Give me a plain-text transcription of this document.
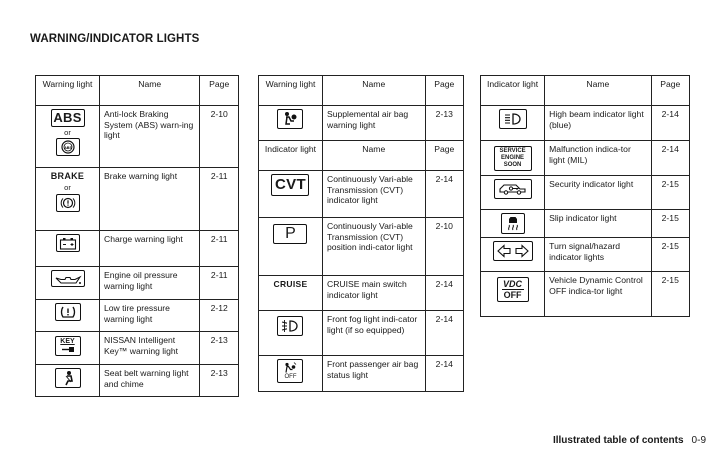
WARNING/INDICATOR LIGHTS
Warning light	Name	Page
ABS
or
ABS	Anti-lock Braking System (ABS) warn-ing light	2-10
BRAKE
or	Brake warning light	2-11

	Charge warning light	2-11

	Engine oil pressure warning light	2-11

	Low tire pressure warning light	2-12

KEY	NISSAN Intelligent Key™ warning light	2-13

	Seat belt warning light and chime	2-13
Warning light	Name	Page

	Supplemental air bag warning light	2-13
Indicator light	Name	Page
CVT	Continuously Vari-able Transmission (CVT) indicator light	2-14
P	Continuously Vari-able Transmission (CVT) position indi-cator light	2-10
CRUISE	CRUISE main switch indicator light	2-14

	Front fog light indi-cator light (if so equipped)	2-14

OFF	Front passenger air bag status light	2-14
Indicator light	Name	Page

	High beam indicator light (blue)	2-14

SERVICE
ENGINE
SOON	Malfunction indica-tor light (MIL)	2-14

	Security indicator light	2-15

	Slip indicator light	2-15

	Turn signal/hazard indicator lights	2-15

VDC
OFF	Vehicle Dynamic Control OFF indica-tor light	2-15
Illustrated table of contents 0-9
